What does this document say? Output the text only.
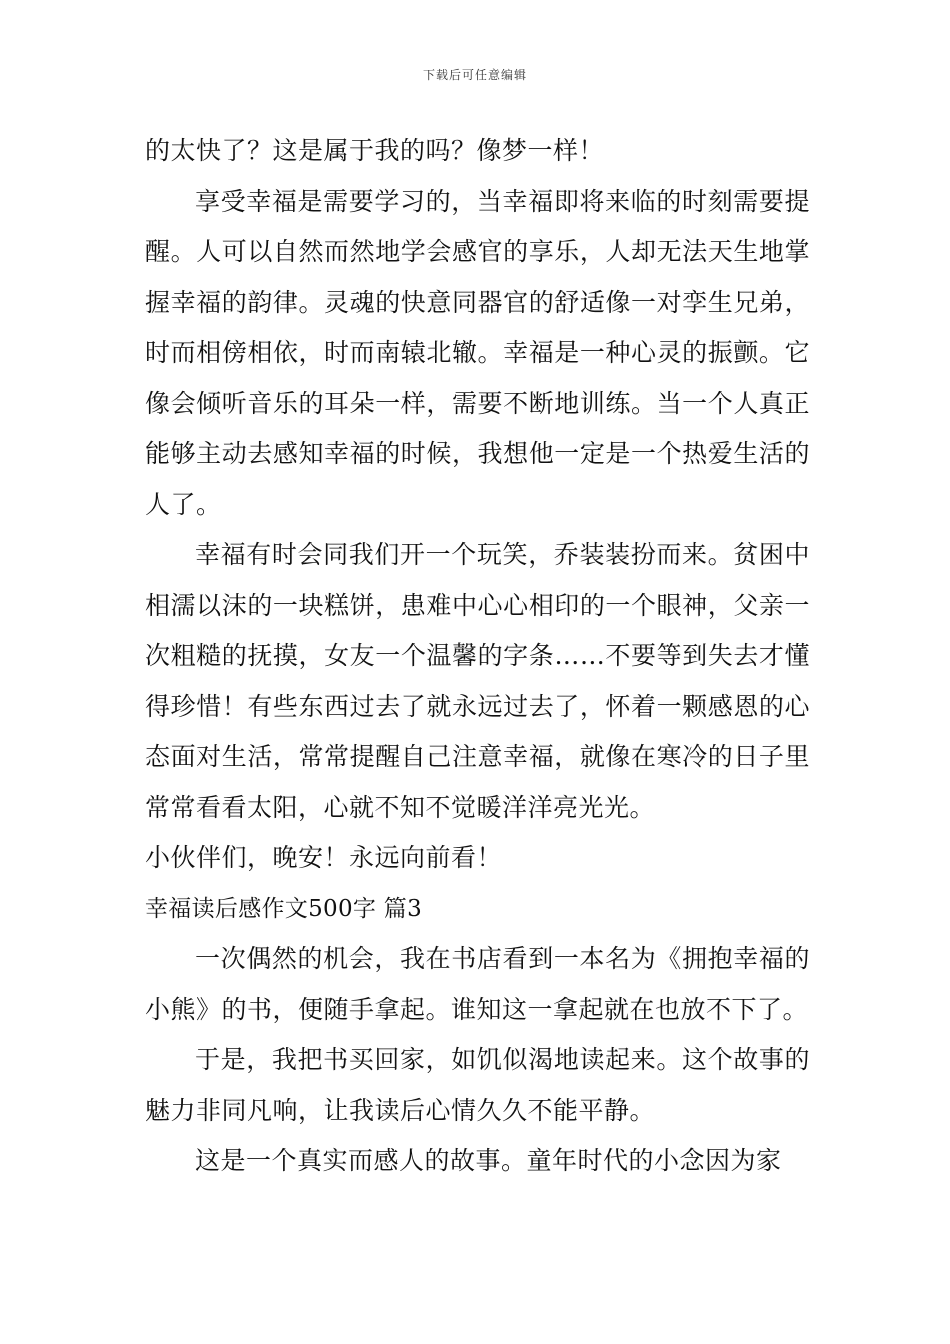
下载后可任意编辑

的太快了？这是属于我的吗？像梦一样！

享受幸福是需要学习的，当幸福即将来临的时刻需要提醒。人可以自然而然地学会感官的享乐，人却无法天生地掌握幸福的韵律。灵魂的快意同器官的舒适像一对孪生兄弟，时而相傍相依，时而南辕北辙。幸福是一种心灵的振颤。它像会倾听音乐的耳朵一样，需要不断地训练。当一个人真正能够主动去感知幸福的时候，我想他一定是一个热爱生活的人了。

幸福有时会同我们开一个玩笑，乔装装扮而来。贫困中相濡以沫的一块糕饼，患难中心心相印的一个眼神，父亲一次粗糙的抚摸，女友一个温馨的字条……不要等到失去才懂得珍惜！有些东西过去了就永远过去了，怀着一颗感恩的心态面对生活，常常提醒自己注意幸福，就像在寒冷的日子里常常看看太阳，心就不知不觉暖洋洋亮光光。

小伙伴们，晚安！永远向前看！

幸福读后感作文500字 篇3

一次偶然的机会，我在书店看到一本名为《拥抱幸福的小熊》的书，便随手拿起。谁知这一拿起就在也放不下了。

于是，我把书买回家，如饥似渴地读起来。这个故事的魅力非同凡响，让我读后心情久久不能平静。

这是一个真实而感人的故事。童年时代的小念因为家
